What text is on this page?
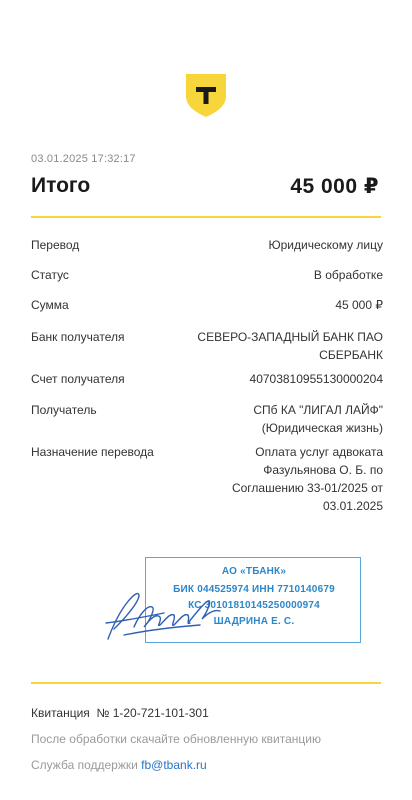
03.01.2025 17:32:17
Итого	45 000 ₽
Перевод	Юридическому лицу
Статус	В обработке
Сумма	45 000 ₽
Банк получателя	СЕВЕРО-ЗАПАДНЫЙ БАНК ПАО
СБЕРБАНК
Счет получателя	40703810955130000204
Получатель	СПб КА "ЛИГАЛ ЛАЙФ"
(Юридическая жизнь)
Назначение перевода	Оплата услуг адвоката
Фазульянова О. Б. по
Соглашению 33-01/2025 от
03.01.2025
АО «ТБАНК»
БИК 044525974 ИНН 7710140679
КС 30101810145250000974
ШАДРИНА Е. С.
Квитанция № 1-20-721-101-301
После обработки скачайте обновленную квитанцию
Служба поддержки fb@tbank.ru
